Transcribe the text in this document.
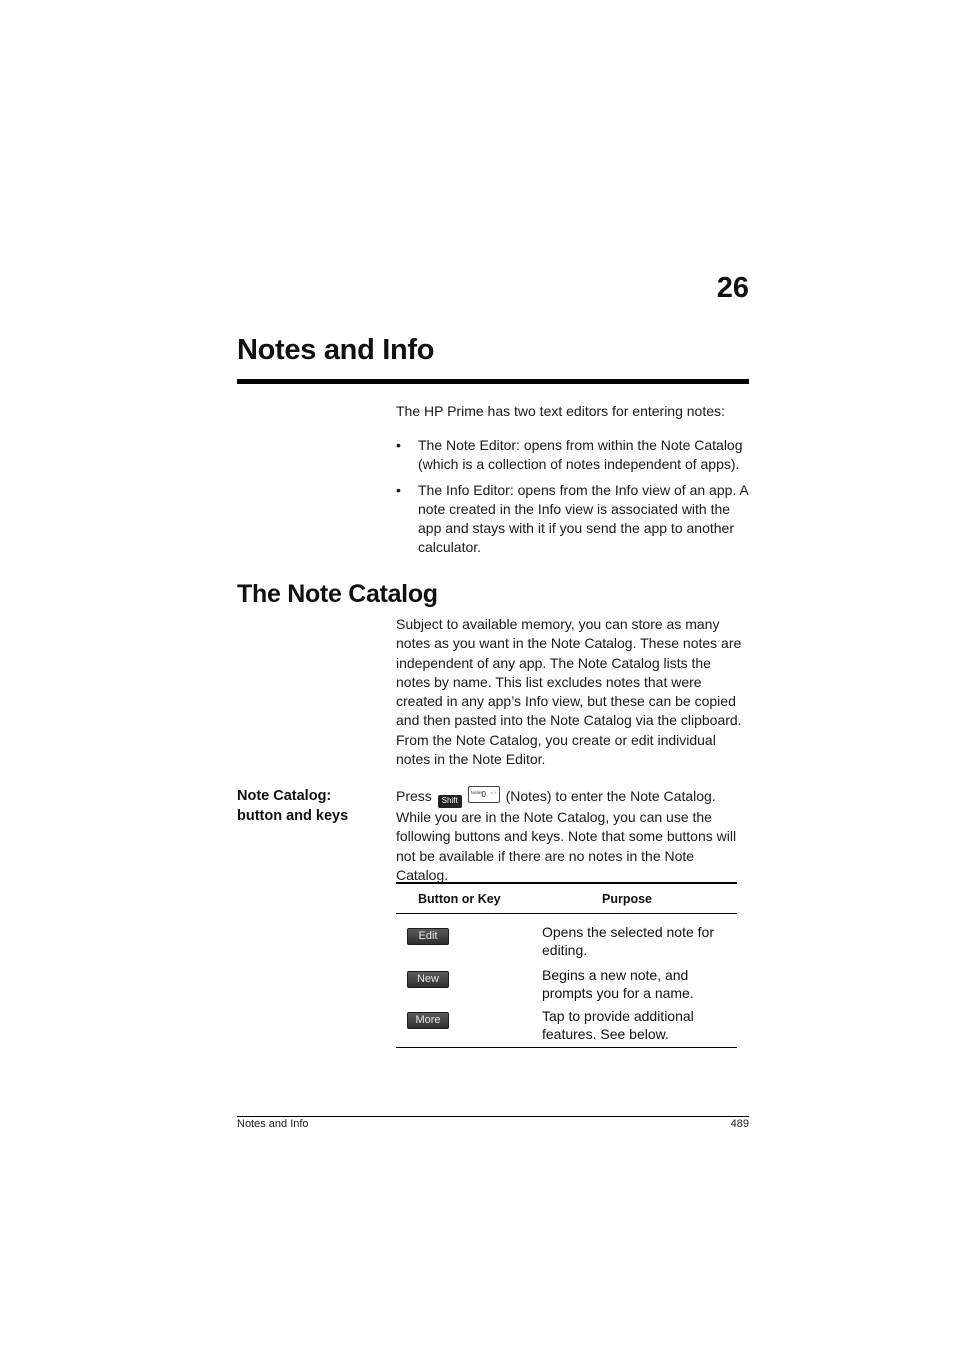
26
Notes and Info
The HP Prime has two text editors for entering notes:
• The Note Editor: opens from within the Note Catalog (which is a collection of notes independent of apps).
• The Info Editor: opens from the Info view of an app. A note created in the Info view is associated with the app and stays with it if you send the app to another calculator.
The Note Catalog
Subject to available memory, you can store as many notes as you want in the Note Catalog. These notes are independent of any app. The Note Catalog lists the notes by name. This list excludes notes that were created in any app’s Info view, but these can be copied and then pasted into the Note Catalog via the clipboard. From the Note Catalog, you create or edit individual notes in the Note Editor.
Note Catalog:
button and keys
Press Shift
0
Notes = ÷ (Notes) to enter the Note Catalog. While you are in the Note Catalog, you can use the following buttons and keys. Note that some buttons will not be available if there are no notes in the Note Catalog.
Button or Key	Purpose
Edit	Opens the selected note for editing.
New	Begins a new note, and prompts you for a name.
More	Tap to provide additional features. See below.
Notes and Info	489
